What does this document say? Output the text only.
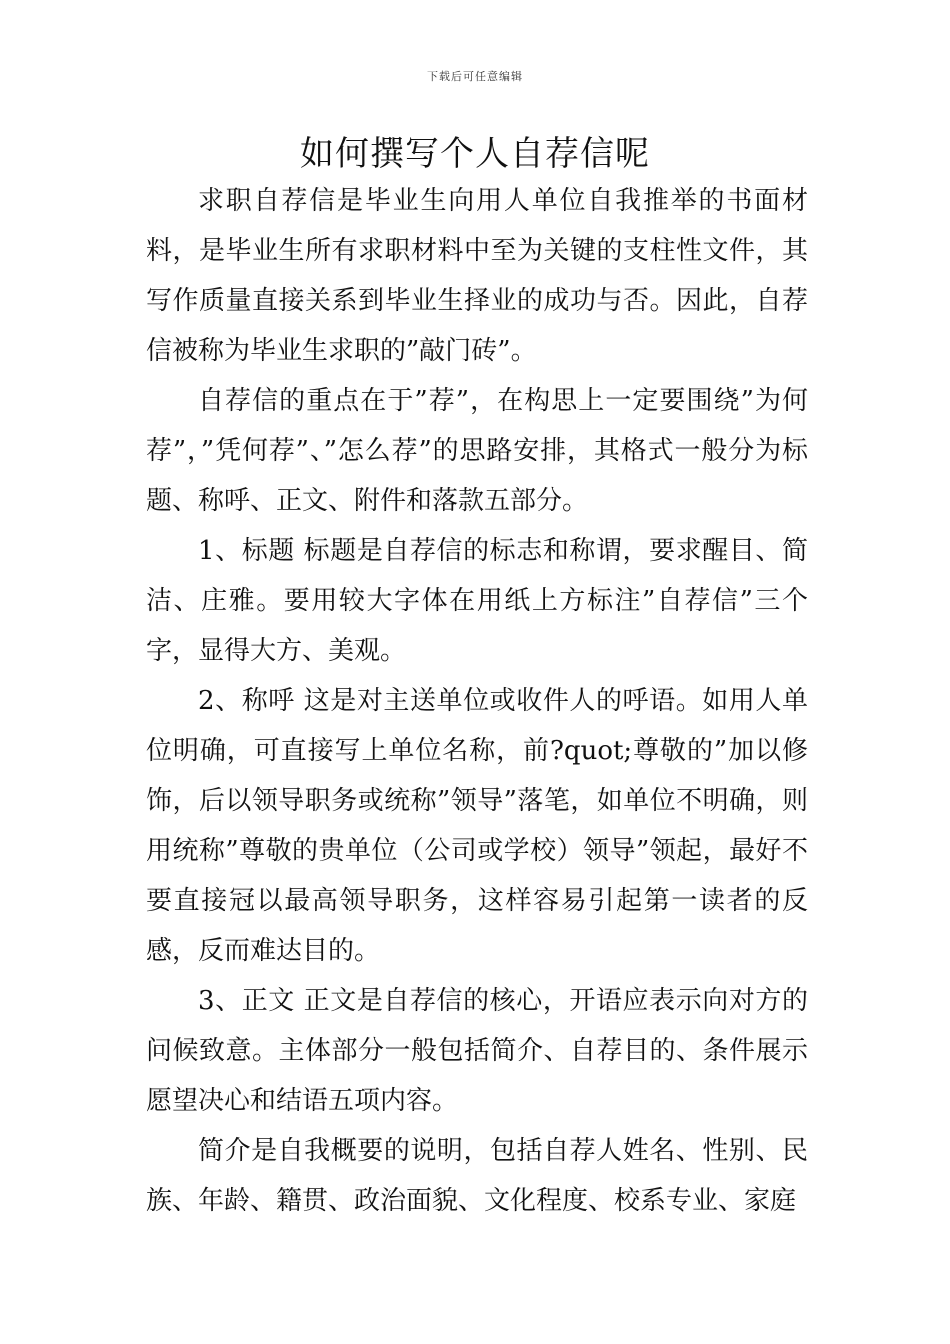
下载后可任意编辑
如何撰写个人自荐信呢

求职自荐信是毕业生向用人单位自我推举的书面材料，是毕业生所有求职材料中至为关键的支柱性文件，其写作质量直接关系到毕业生择业的成功与否。因此，自荐信被称为毕业生求职的”敲门砖”。

自荐信的重点在于”荐”，在构思上一定要围绕”为何荐”，”凭何荐”、”怎么荐”的思路安排，其格式一般分为标题、称呼、正文、附件和落款五部分。

1、标题 标题是自荐信的标志和称谓，要求醒目、简洁、庄雅。要用较大字体在用纸上方标注”自荐信”三个字，显得大方、美观。

2、称呼 这是对主送单位或收件人的呼语。如用人单位明确，可直接写上单位名称，前?quot;尊敬的”加以修饰，后以领导职务或统称”领导”落笔，如单位不明确，则用统称”尊敬的贵单位（公司或学校）领导”领起，最好不要直接冠以最高领导职务，这样容易引起第一读者的反感，反而难达目的。

3、正文 正文是自荐信的核心，开语应表示向对方的问候致意。主体部分一般包括简介、自荐目的、条件展示愿望决心和结语五项内容。

简介是自我概要的说明，包括自荐人姓名、性别、民族、年龄、籍贯、政治面貌、文化程度、校系专业、家庭
